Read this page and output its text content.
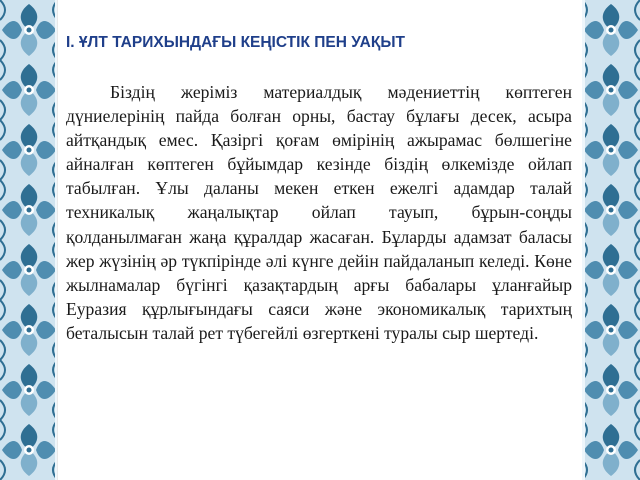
І. ҰЛТ ТАРИХЫНДАҒЫ КЕҢІСТІК ПЕН УАҚЫТ

Біздің жеріміз материалдық мәдениеттің көптеген дүниелерінің пайда болған орны, бастау бұлағы десек, асыра айтқандық емес. Қазіргі қоғам өмірінің ажырамас бөлшегіне айналған көптеген бұйымдар кезінде біздің өлкемізде ойлап табылған. Ұлы даланы мекен еткен ежелгі адамдар талай техникалық жаңалықтар ойлап тауып, бұрын-соңды қолданылмаған жаңа құралдар жасаған. Бұларды адамзат баласы жер жүзінің әр түкпірінде әлі күнге дейін пайдаланып келеді. Көне жылнамалар бүгінгі қазақтардың арғы бабалары ұланғайыр Еуразия құрлығындағы саяси және экономикалық тарихтың беталысын талай рет түбегейлі өзгерткені туралы сыр шертеді.
